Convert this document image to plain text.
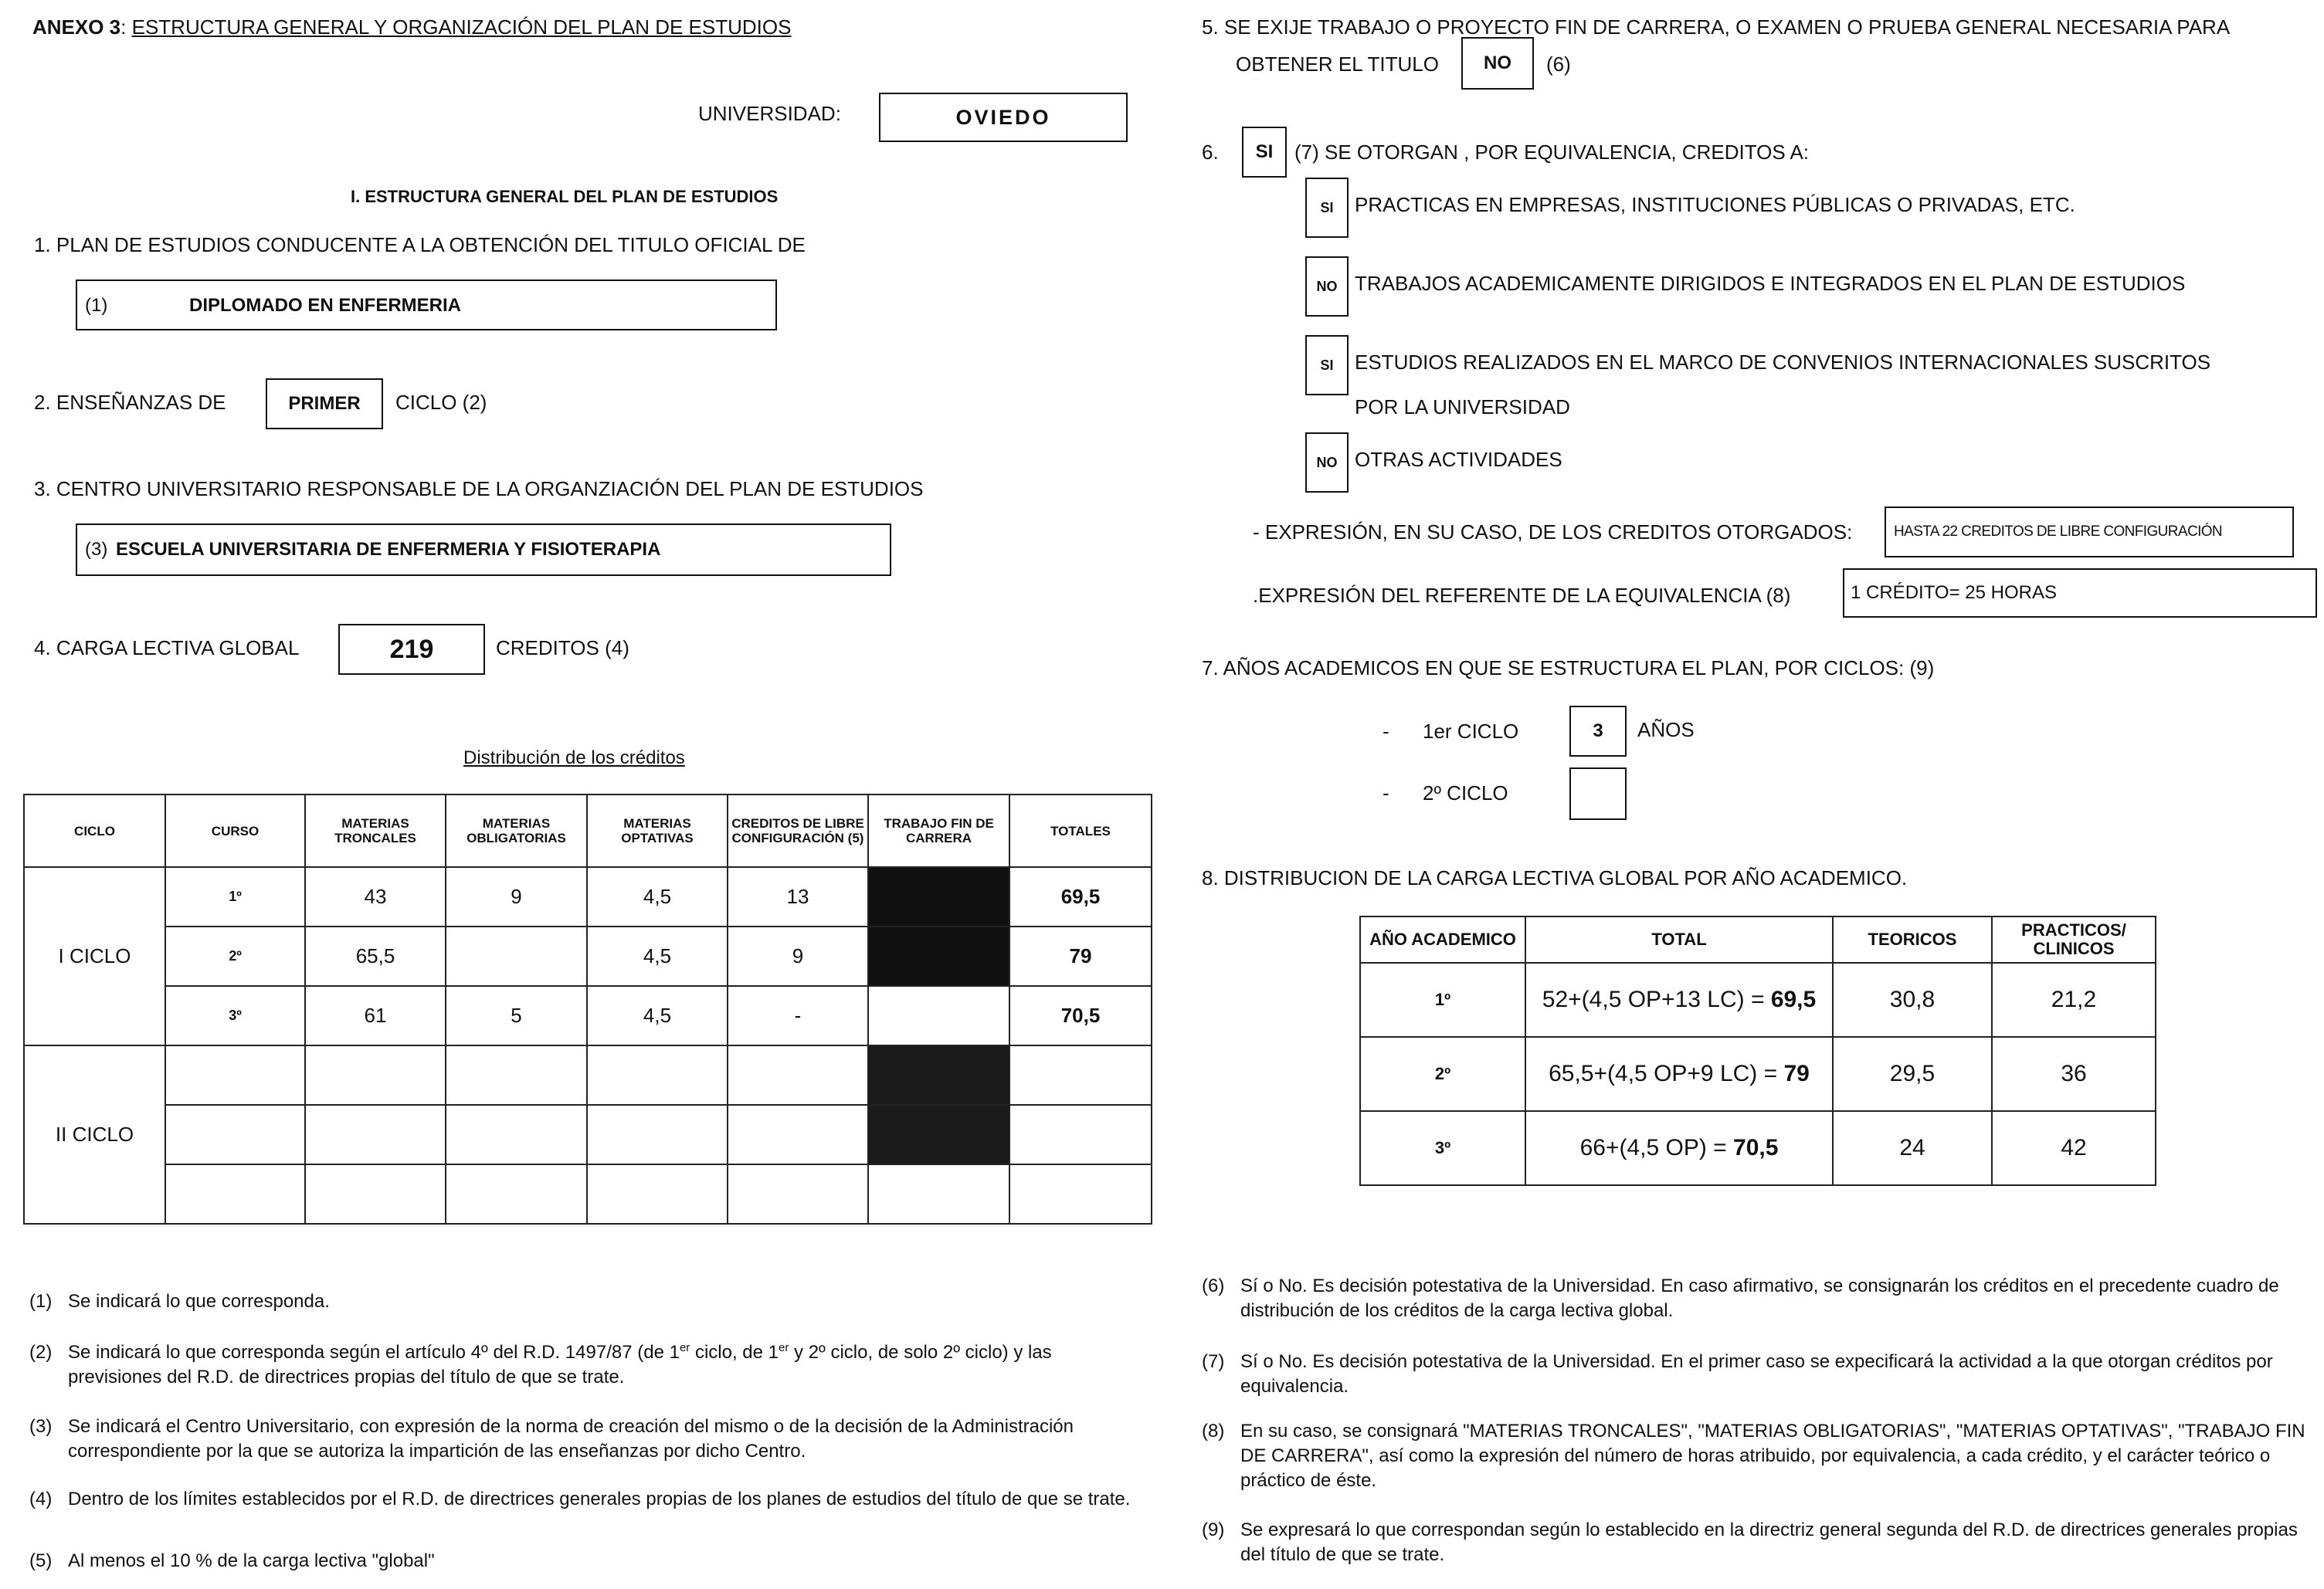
ANEXO 3: ESTRUCTURA GENERAL Y ORGANIZACIÓN DEL PLAN DE ESTUDIOS
UNIVERSIDAD:	OVIEDO
I. ESTRUCTURA GENERAL DEL PLAN DE ESTUDIOS
1. PLAN DE ESTUDIOS CONDUCENTE A LA OBTENCIÓN DEL TITULO OFICIAL DE
(1)	DIPLOMADO EN ENFERMERIA
2. ENSEÑANZAS DE	PRIMER CICLO (2)
3. CENTRO UNIVERSITARIO RESPONSABLE DE LA ORGANZIACIÓN DEL PLAN DE ESTUDIOS
(3) ESCUELA UNIVERSITARIA DE ENFERMERIA Y FISIOTERAPIA
4. CARGA LECTIVA GLOBAL	219	CREDITOS (4)
Distribución de los créditos
CICLO	CURSO	MATERIAS TRONCALES	MATERIAS OBLIGATORIAS	MATERIAS OPTATIVAS	CREDITOS DE LIBRE CONFIGURACIÓN (5)	TRABAJO FIN DE CARRERA	TOTALES
I CICLO	1º	43	9	4,5	13		69,5
	2º	65,5		4,5	9		79
	3º	61	5	4,5	-		70,5
II CICLO							

(1) Se indicará lo que corresponda.
(2) Se indicará lo que corresponda según el artículo 4º del R.D. 1497/87 (de 1er ciclo, de 1er y 2º ciclo, de solo 2º ciclo) y las previsiones del R.D. de directrices propias del título de que se trate.
(3) Se indicará el Centro Universitario, con expresión de la norma de creación del mismo o de la decisión de la Administración correspondiente por la que se autoriza la impartición de las enseñanzas por dicho Centro.
(4) Dentro de los límites establecidos por el R.D. de directrices generales propias de los planes de estudios del título de que se trate.
(5) Al menos el 10 % de la carga lectiva "global"
5. SE EXIJE TRABAJO O PROYECTO FIN DE CARRERA, O EXAMEN O PRUEBA GENERAL NECESARIA PARA
OBTENER EL TITULO NO (6)
6. SI (7) SE OTORGAN , POR EQUIVALENCIA, CREDITOS A:
SI PRACTICAS EN EMPRESAS, INSTITUCIONES PÚBLICAS O PRIVADAS, ETC.
NO TRABAJOS ACADEMICAMENTE DIRIGIDOS E INTEGRADOS EN EL PLAN DE ESTUDIOS
SI ESTUDIOS REALIZADOS EN EL MARCO DE CONVENIOS INTERNACIONALES SUSCRITOS
POR LA UNIVERSIDAD
NO OTRAS ACTIVIDADES
- EXPRESIÓN, EN SU CASO, DE LOS CREDITOS OTORGADOS:	HASTA 22 CREDITOS DE LIBRE CONFIGURACIÓN
.EXPRESIÓN DEL REFERENTE DE LA EQUIVALENCIA (8)	1 CRÉDITO= 25 HORAS
7. AÑOS ACADEMICOS EN QUE SE ESTRUCTURA EL PLAN, POR CICLOS: (9)
- 1er CICLO	3 AÑOS
- 2º CICLO
8. DISTRIBUCION DE LA CARGA LECTIVA GLOBAL POR AÑO ACADEMICO.
AÑO ACADEMICO	TOTAL	TEORICOS	PRACTICOS/ CLINICOS
1º	52+(4,5 OP+13 LC) = 69,5	30,8	21,2
2º	65,5+(4,5 OP+9 LC) = 79	29,5	36
3º	66+(4,5 OP) = 70,5	24	42
(6) Sí o No. Es decisión potestativa de la Universidad. En caso afirmativo, se consignarán los créditos en el precedente cuadro de distribución de los créditos de la carga lectiva global.
(7) Sí o No. Es decisión potestativa de la Universidad. En el primer caso se expecificará la actividad a la que otorgan créditos por equivalencia.
(8) En su caso, se consignará "MATERIAS TRONCALES", "MATERIAS OBLIGATORIAS", "MATERIAS OPTATIVAS", "TRABAJO FIN DE CARRERA", así como la expresión del número de horas atribuido, por equivalencia, a cada crédito, y el carácter teórico o práctico de éste.
(9) Se expresará lo que correspondan según lo establecido en la directriz general segunda del R.D. de directrices generales propias del título de que se trate.
